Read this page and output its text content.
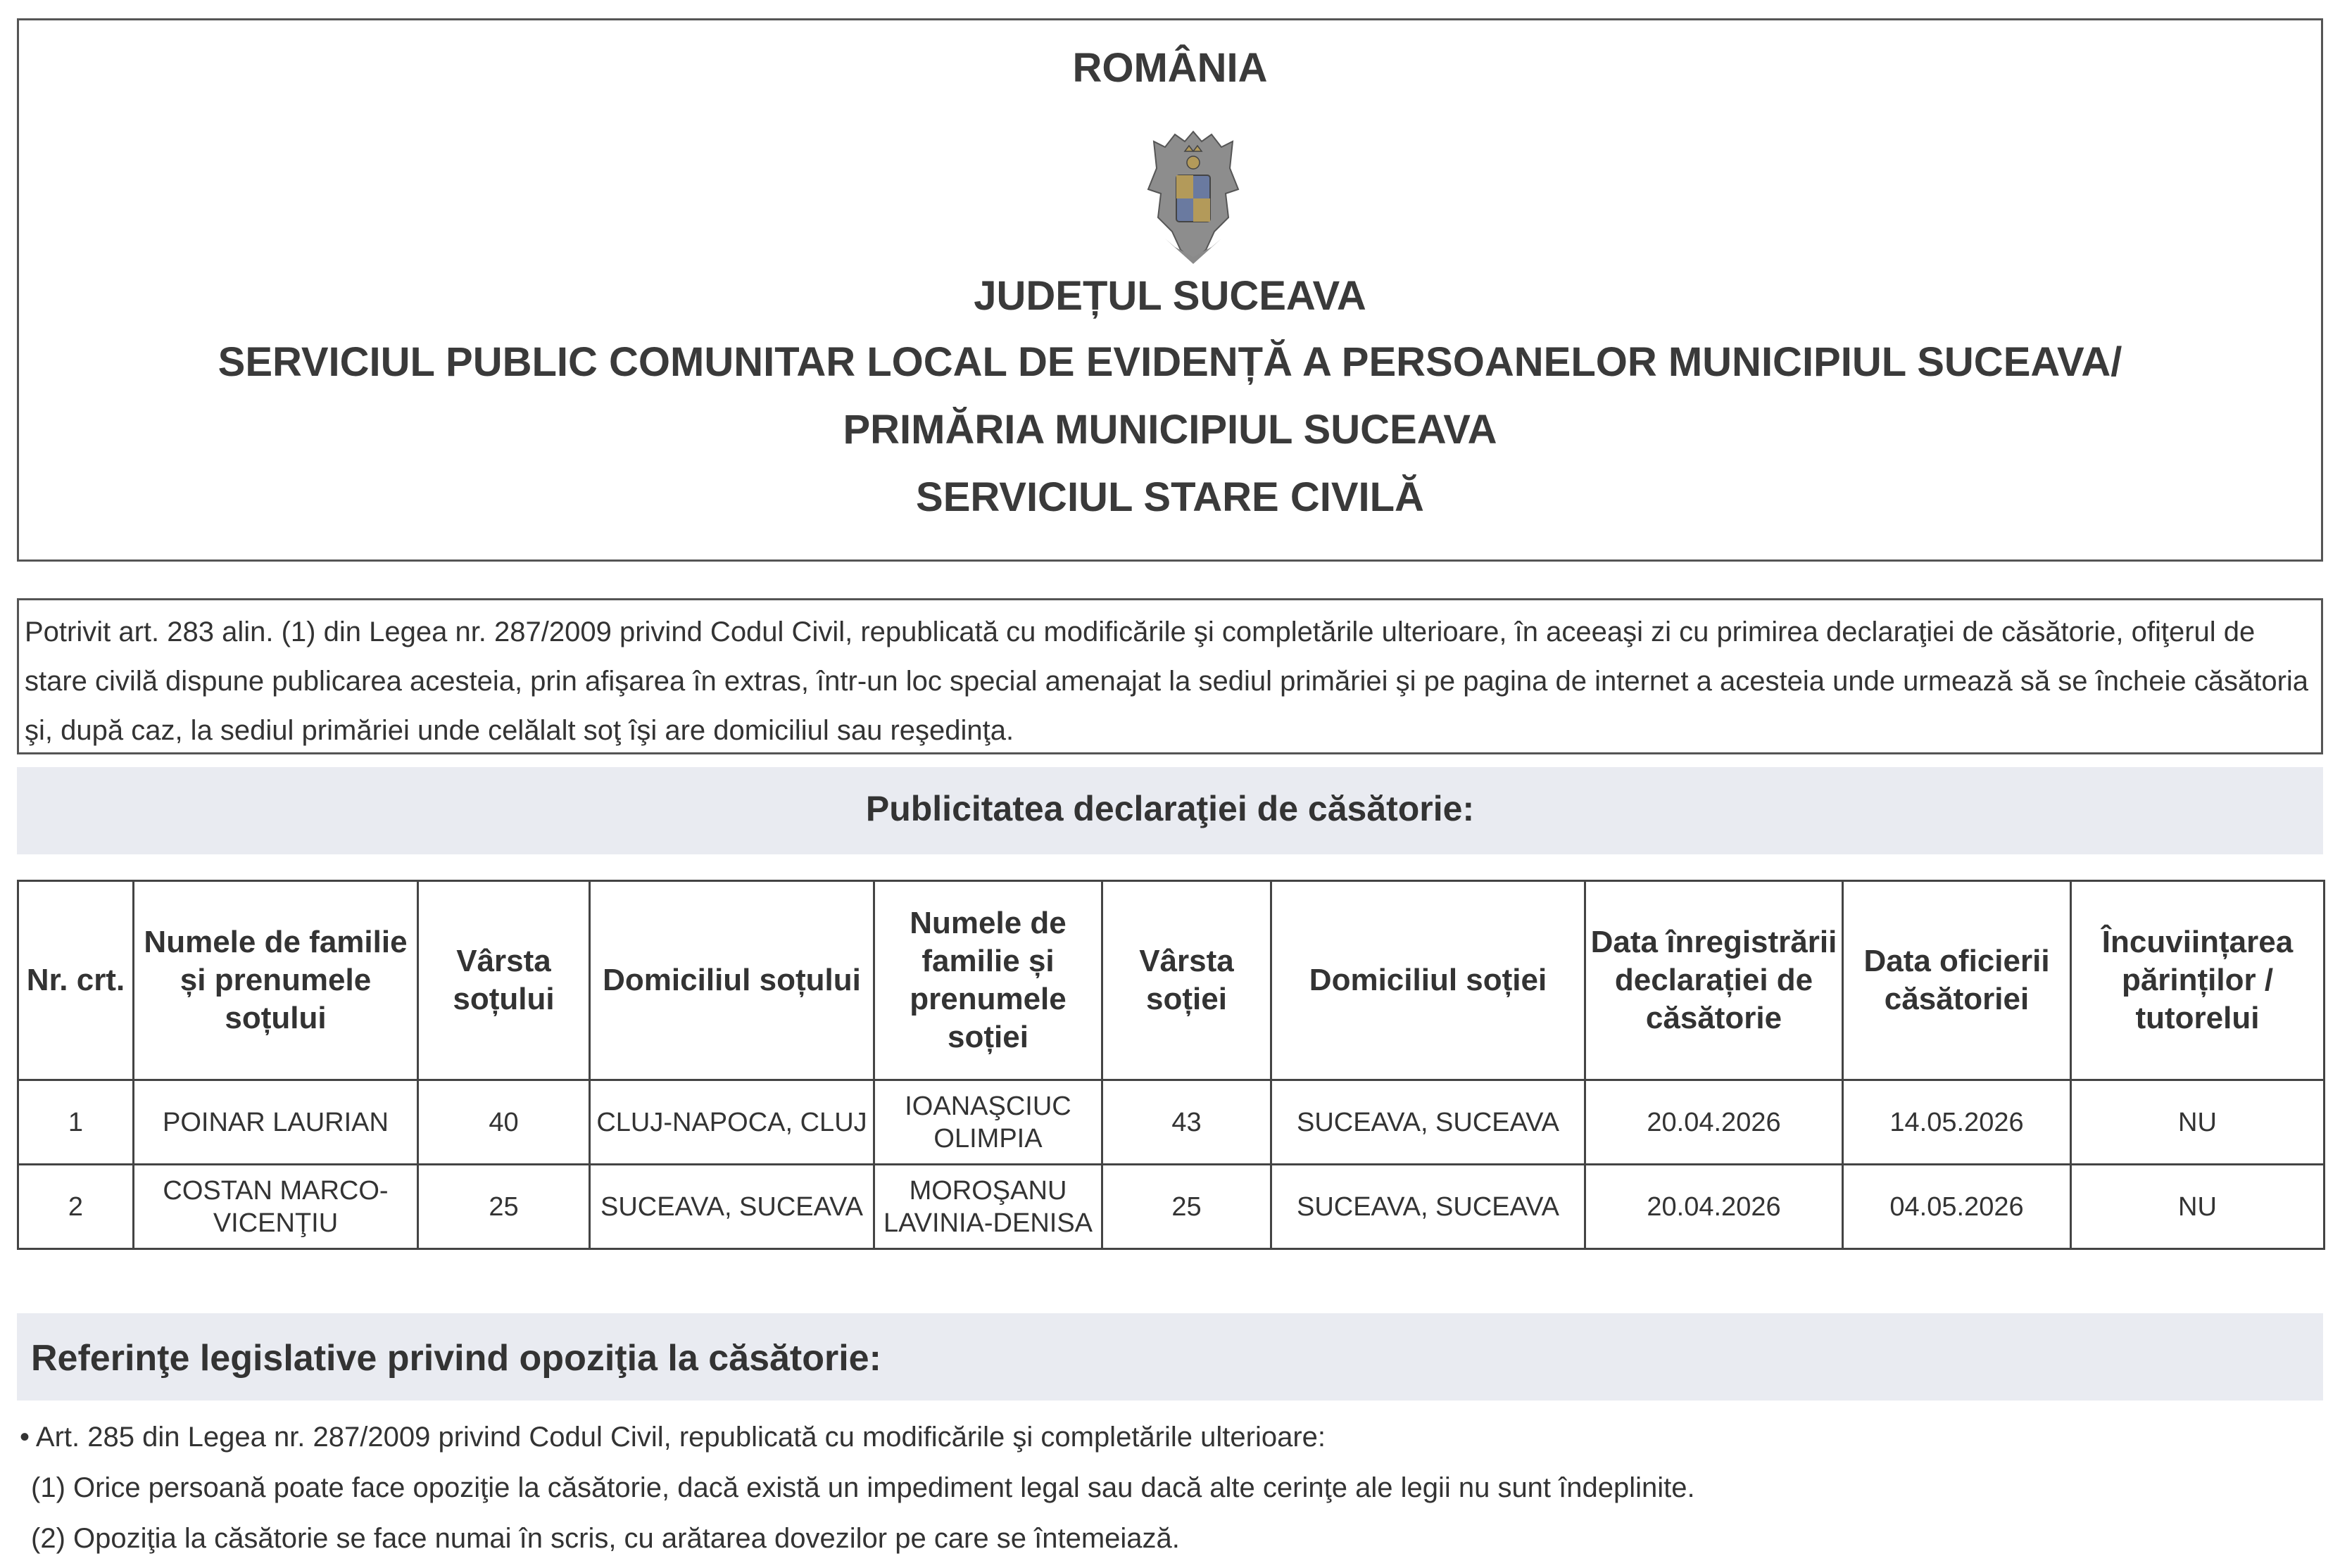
ROMÂNIA
JUDEȚUL SUCEAVA
SERVICIUL PUBLIC COMUNITAR LOCAL DE EVIDENȚĂ A PERSOANELOR MUNICIPIUL SUCEAVA/
PRIMĂRIA MUNICIPIUL SUCEAVA
SERVICIUL STARE CIVILĂ
Potrivit art. 283 alin. (1) din Legea nr. 287/2009 privind Codul Civil, republicată cu modificările şi completările ulterioare, în aceeaşi zi cu primirea declaraţiei de căsătorie, ofiţerul de stare civilă dispune publicarea acesteia, prin afişarea în extras, într-un loc special amenajat la sediul primăriei şi pe pagina de internet a acesteia unde urmează să se încheie căsătoria şi, după caz, la sediul primăriei unde celălalt soţ îşi are domiciliul sau reşedinţa.
Publicitatea declaraţiei de căsătorie:
Nr. crt.	Numele de familie și prenumele soțului	Vârsta soțului	Domiciliul soțului	Numele de familie și prenumele soției	Vârsta soției	Domiciliul soției	Data înregistrării declarației de căsătorie	Data oficierii căsătoriei	Încuviințarea părinților / tutorelui
1	POINAR LAURIAN	40	CLUJ-NAPOCA, CLUJ	IOANAŞCIUC OLIMPIA	43	SUCEAVA, SUCEAVA	20.04.2026	14.05.2026	NU
2	COSTAN MARCO-VICENŢIU	25	SUCEAVA, SUCEAVA	MOROŞANU LAVINIA-DENISA	25	SUCEAVA, SUCEAVA	20.04.2026	04.05.2026	NU
Referinţe legislative privind opoziţia la căsătorie:
• Art. 285 din Legea nr. 287/2009 privind Codul Civil, republicată cu modificările şi completările ulterioare:
(1) Orice persoană poate face opoziţie la căsătorie, dacă există un impediment legal sau dacă alte cerinţe ale legii nu sunt îndeplinite.
(2) Opoziţia la căsătorie se face numai în scris, cu arătarea dovezilor pe care se întemeiază.
